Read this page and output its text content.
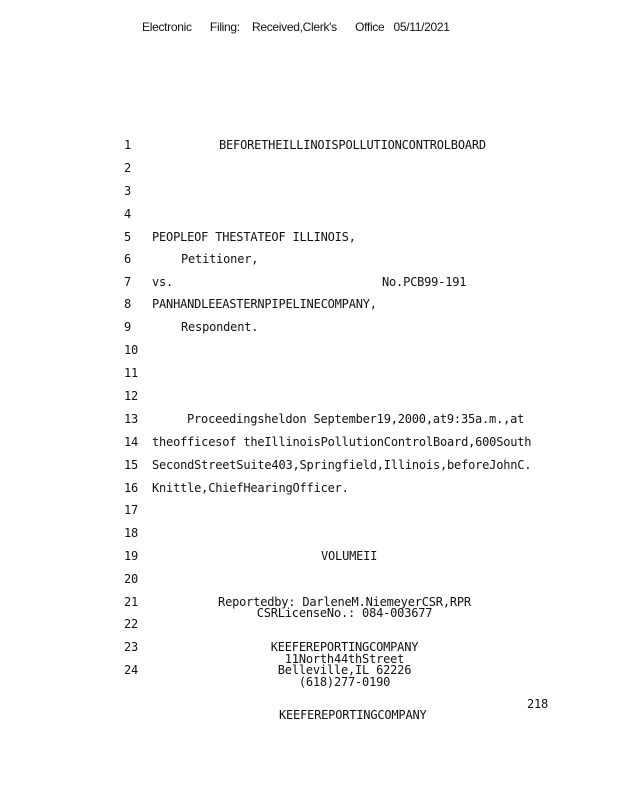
Electronic Filing: Received,Clerk's Office 05/11/2021
1
2
3
4
5
6
7
8
9
10
11
12
13
14
15
16
17
18
19
20
21
22
23
24
BEFORETHEILLINOISPOLLUTIONCONTROLBOARD
PEOPLEOF THESTATEOF ILLINOIS,
Petitioner,
vs.	No.PCB99-191
PANHANDLEEASTERNPIPELINECOMPANY,
Respondent.
Proceedingsheldon September19,2000,at9:35a.m.,at
theofficesof theIllinoisPollutionControlBoard,600South
SecondStreetSuite403,Springfield,Illinois,beforeJohnC.
Knittle,ChiefHearingOfficer.
VOLUMEII
Reportedby: DarleneM.NiemeyerCSR,RPR
CSRLicenseNo.: 084-003677
KEEFEREPORTINGCOMPANY
11North44thStreet
Belleville,IL 62226
(618)277-0190
218
KEEFEREPORTINGCOMPANY
